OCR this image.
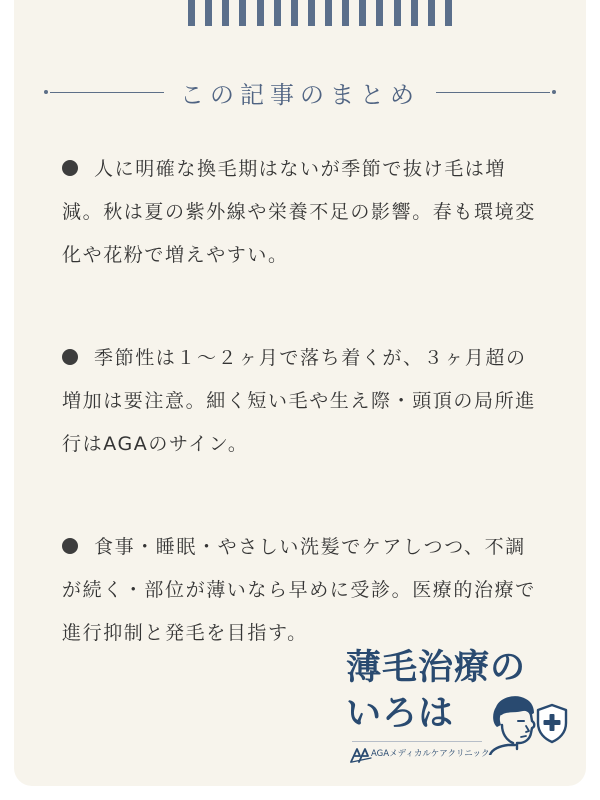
この記事のまとめ
人に明確な換毛期はないが季節で抜け毛は増減。秋は夏の紫外線や栄養不足の影響。春も環境変化や花粉で増えやすい。
季節性は１～２ヶ月で落ち着くが、３ヶ月超の増加は要注意。細く短い毛や生え際・頭頂の局所進行はAGAのサイン。
食事・睡眠・やさしい洗髪でケアしつつ、不調が続く・部位が薄いなら早めに受診。医療的治療で進行抑制と発毛を目指す。
薄毛治療の
いろは
AGAメディカルケアクリニック
